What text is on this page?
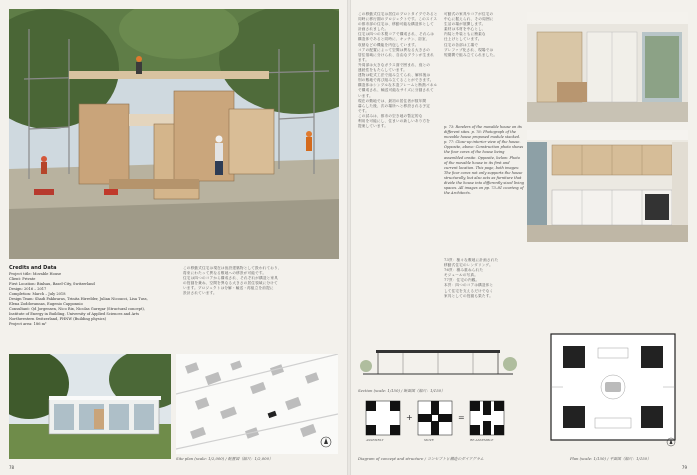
この移動式住宅は現在は仮設建築物として扱われており、
将来にわたって異なる敷地への移設が可能です。
住宅は四つのコアから構成され、それぞれが構造と家具
の役割を兼ね、空間を異なる大きさの居住領域に分けて
います。プロジェクトは分解・輸送・再組立を前提に
設計されています。
Credits and Data
Project title: Movable House
Client: Private
First Location: Binlsau, Basel-City, Switzerland
Design: 2016 – 2017
Completion: March – July 2018
Design Team: Shadi Fakhraras, Trinita Hirrelder, Julian Nicoucci, Lisa Tuss,
Elena Zoddovannas, Eugenio Capponnio
Consultant: Qd Jorgensen, Nico Rix, Nicolas Gurrgar (Structural concept),
Institute of Energy in Building, University of Applied Sciences and Arts
Northwestern Switzerland, FHNW (Building physics)
Project area: 186 m²
Site plan (scale: 1/2,000) / 配置図（縮尺：1/2,000）
78
この移動式住宅は居住のプロトタイプであると
同時に移行期のプロジェクトです。このスイス
の都市部の住宅は、移動可能な構造体として
計画されました。
住宅は四つの木製コアで構成され、それらは
構造体であると同時に、キッチン、浴室、
収納などの機能を内包しています。
コアの配置によって空間は異なる大きさの
居住領域に分けられ、自由なプランが生まれ
ます。
外周部は大きなガラス面で囲まれ、庭との
連続性をもたらしています。
建物は乾式工法で組み立てられ、解体後は
別の敷地で再び組み立てることができます。
構造体はシンプルな木造フレームと断熱パネル
で構成され、輸送可能なサイズに分割されて
います。
現在の敷地では、最初の居住者が数年間
暮らした後、次の場所へと移設される予定
です。
この試みは、都市の空き地の暫定的な
利用を可能にし、住まいの新しいあり方を
提案しています。
可動式の家具やコアが住宅の
中心に据えられ、その周囲に
生活の場が展開します。
素材は木材を中心とし、
内装と外装ともに簡素な
仕上げとしています。
住宅の各部は工場で
プレファブ化され、現場では
短期間で組み立てられました。
p. 73: Renders of the movable house on its different sites. p. 76: Photograph of the movable house proposed module stacked. p. 77: Close-up interior view of the house. Opposite, above: Construction photo shows the four cores of the house being assembled onsite. Opposite, below: Photo of the movable house in its first and current location. This page, both images: The four cores not only supports the house structurally, but also acts as furniture that divide the house into differently sized living spaces. All images on pp. 73–81 courtesy of the Architects.
73頁：様々な敷地に計画された
移動式住宅のレンダリング。
76頁：積み重ねられた
モジュールの写真。
77頁：住宅の内観。
本頁：四つのコアは構造体と
して住宅を支えるだけでなく
家具としての役割も果たす。
Section (scale: 1/150) / 断面図（縮尺：1/150）
+	=
ASSEMBLY	MOVE	RE-ASSEMBLE
Diagram of concept and structure / コンセプトと構造のダイアグラム	Plan (scale: 1/150) / 平面図（縮尺：1/150）
79
